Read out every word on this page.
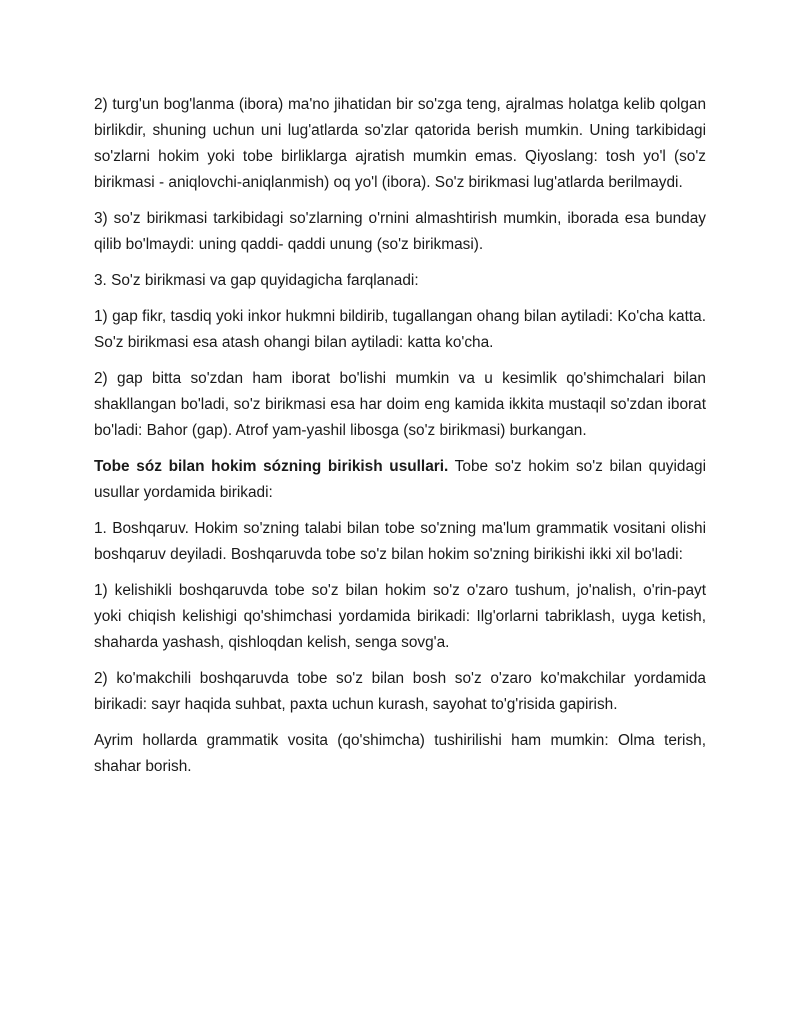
2) turg'un bog'lanma (ibora) ma'no jihatidan bir so'zga teng, ajralmas holatga kelib qolgan birlikdir, shuning uchun uni lug'atlarda so'zlar qatorida berish mumkin. Uning tarkibidagi so'zlarni hokim yoki tobe birliklarga ajratish mumkin emas. Qiyoslang: tosh yo'l (so'z birikmasi - aniqlovchi-aniqlanmish) oq yo'l (ibora). So'z birikmasi lug'atlarda berilmaydi.

3) so'z birikmasi tarkibidagi so'zlarning o'rnini almashtirish mumkin, iborada esa bunday qilib bo'lmaydi: uning qaddi- qaddi unung (so'z birikmasi).

3. So'z birikmasi va gap quyidagicha farqlanadi:

1) gap fikr, tasdiq yoki inkor hukmni bildirib, tugallangan ohang bilan aytiladi: Ko'cha katta. So'z birikmasi esa atash ohangi bilan aytiladi: katta ko'cha.

2) gap bitta so'zdan ham iborat bo'lishi mumkin va u kesimlik qo'shimchalari bilan shakllangan bo'ladi, so'z birikmasi esa har doim eng kamida ikkita mustaqil so'zdan iborat bo'ladi: Bahor (gap). Atrof yam-yashil libosga (so'z birikmasi) burkangan.

Tobe sóz bilan hokim sózning birikish usullari. Tobe so'z hokim so'z bilan quyidagi usullar yordamida birikadi:

1. Boshqaruv. Hokim so'zning talabi bilan tobe so'zning ma'lum grammatik vositani olishi boshqaruv deyiladi. Boshqaruvda tobe so'z bilan hokim so'zning birikishi ikki xil bo'ladi:

1) kelishikli boshqaruvda tobe so'z bilan hokim so'z o'zaro tushum, jo'nalish, o'rin-payt yoki chiqish kelishigi qo'shimchasi yordamida birikadi: Ilg'orlarni tabriklash, uyga ketish, shaharda yashash, qishloqdan kelish, senga sovg'a.

2) ko'makchili boshqaruvda tobe so'z bilan bosh so'z o'zaro ko'makchilar yordamida birikadi: sayr haqida suhbat, paxta uchun kurash, sayohat to'g'risida gapirish.

Ayrim hollarda grammatik vosita (qo'shimcha) tushirilishi ham mumkin: Olma terish, shahar borish.
